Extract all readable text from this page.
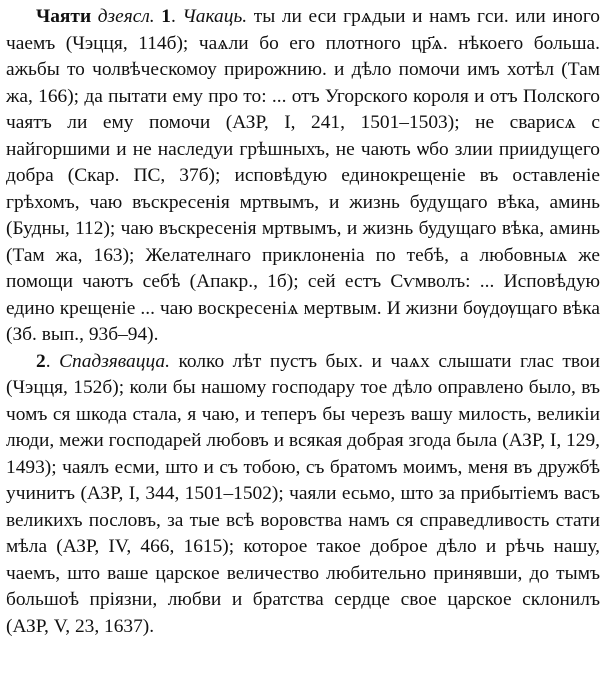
Чаяти дзеясл. 1. Чакаць. ты ли еси грѧдыи и намъ гси. или иного чаемъ (Чэцця, 114б); чаѧли бо его плотного цр҃ѧ. нѣкоего больша. ажьбы то чолвѣческомоу прирожнию. и дѣло помочи имъ хотѣл (Там жа, 166); да пытати ему про то: ... отъ Угорского короля и отъ Полского чаятъ ли ему помочи (АЗР, I, 241, 1501–1503); не сварисѧ с найгоршими и не наследуи грѣшныхъ, не чають ѡбо злии приидущего добра (Скар. ПС, 37б); исповѣдую единокрещеніе въ оставленіе грѣхомъ, чаю въскресенія мртвымъ, и жизнь будущаго вѣка, аминь (Будны, 112); чаю въскресенія мртвымъ, и жизнь будущаго вѣка, аминь (Там жа, 163); Желателнаго приклоненіа по тебѣ, а любовныѧ же помощи чаютъ себѣ (Апакр., 1б); сей естъ Сѵмволъ: ... Исповѣдую едино крещеніе ... чаю воскресеніѧ мертвым. И жизни бѹдѹщаго вѣка (Зб. вып., 93б–94).

2. Спадзявацца. колко лѣт пустъ быx. и чаѧх слышати глас твои (Чэцця, 152б); коли бы нашому господару тое дѣло оправлено было, въ чомъ ся шкода стала, я чаю, и теперъ бы черезъ вашу милость, великіи люди, межи господарей любовъ и всякая добрая згода была (АЗР, I, 129, 1493); чаялъ есми, што и съ тобою, съ братомъ моимъ, меня въ дружбѣ учинитъ (АЗР, I, 344, 1501–1502); чаяли есьмо, што за прибытіемъ васъ великихъ пословъ, за тые всѣ воровства намъ ся справедливость стати мѣла (АЗР, IV, 466, 1615); которое такое доброе дѣло и рѣчь нашу, чаемъ, што ваше царское величество любительно принявши, до тымъ большоѣ пріязни, любви и братства сердце свое царское склонилъ (АЗР, V, 23, 1637).
